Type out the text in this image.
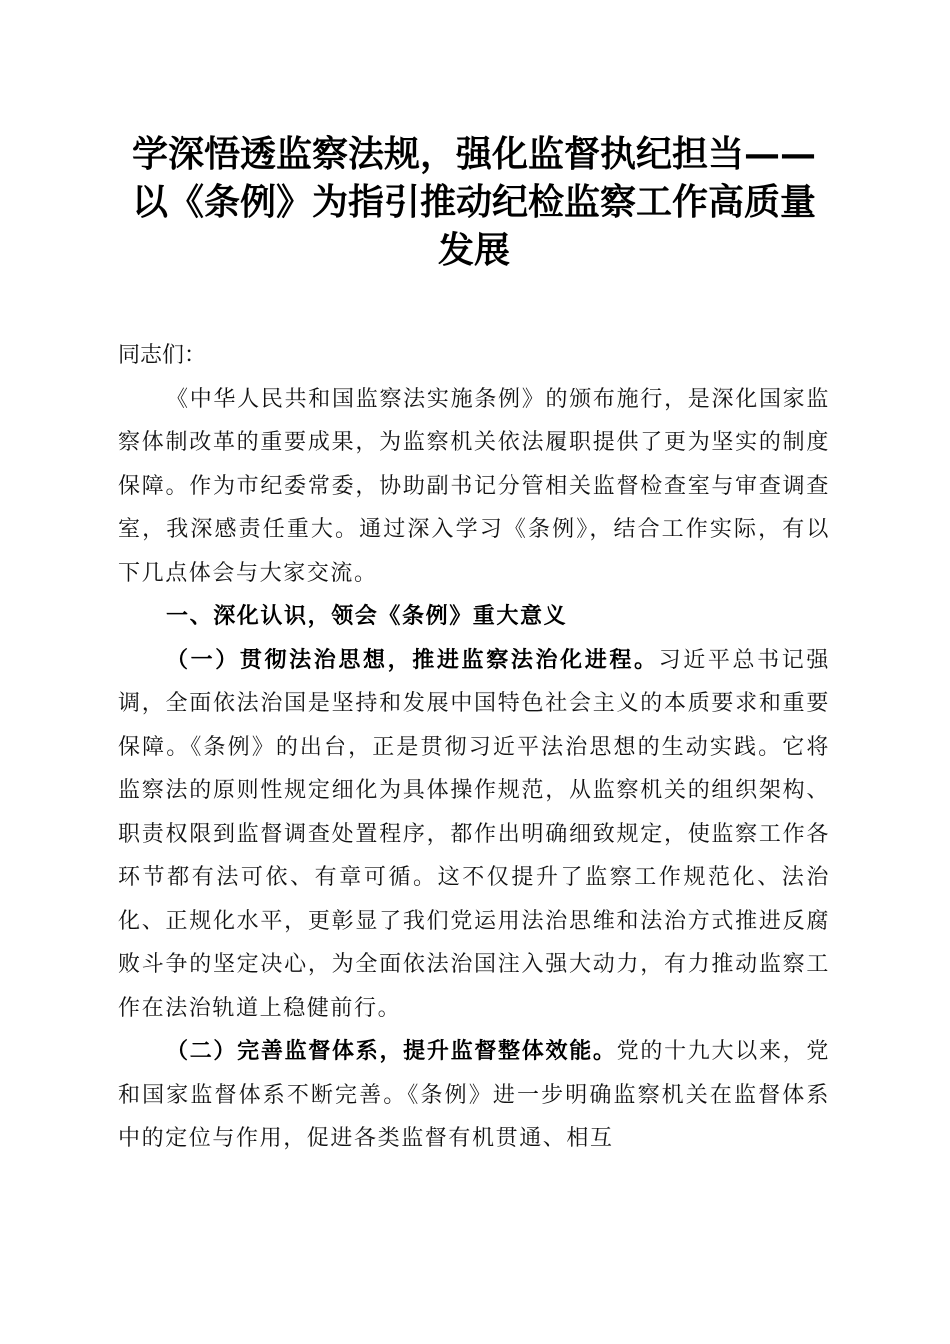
学深悟透监察法规，强化监督执纪担当——以《条例》为指引推动纪检监察工作高质量发展

同志们：

《中华人民共和国监察法实施条例》的颁布施行，是深化国家监察体制改革的重要成果，为监察机关依法履职提供了更为坚实的制度保障。作为市纪委常委，协助副书记分管相关监督检查室与审查调查室，我深感责任重大。通过深入学习《条例》，结合工作实际，有以下几点体会与大家交流。

一、深化认识，领会《条例》重大意义

（一）贯彻法治思想，推进监察法治化进程。习近平总书记强调，全面依法治国是坚持和发展中国特色社会主义的本质要求和重要保障。《条例》的出台，正是贯彻习近平法治思想的生动实践。它将监察法的原则性规定细化为具体操作规范，从监察机关的组织架构、职责权限到监督调查处置程序，都作出明确细致规定，使监察工作各环节都有法可依、有章可循。这不仅提升了监察工作规范化、法治化、正规化水平，更彰显了我们党运用法治思维和法治方式推进反腐败斗争的坚定决心，为全面依法治国注入强大动力，有力推动监察工作在法治轨道上稳健前行。

（二）完善监督体系，提升监督整体效能。党的十九大以来，党和国家监督体系不断完善。《条例》进一步明确监察机关在监督体系中的定位与作用，促进各类监督有机贯通、相互
